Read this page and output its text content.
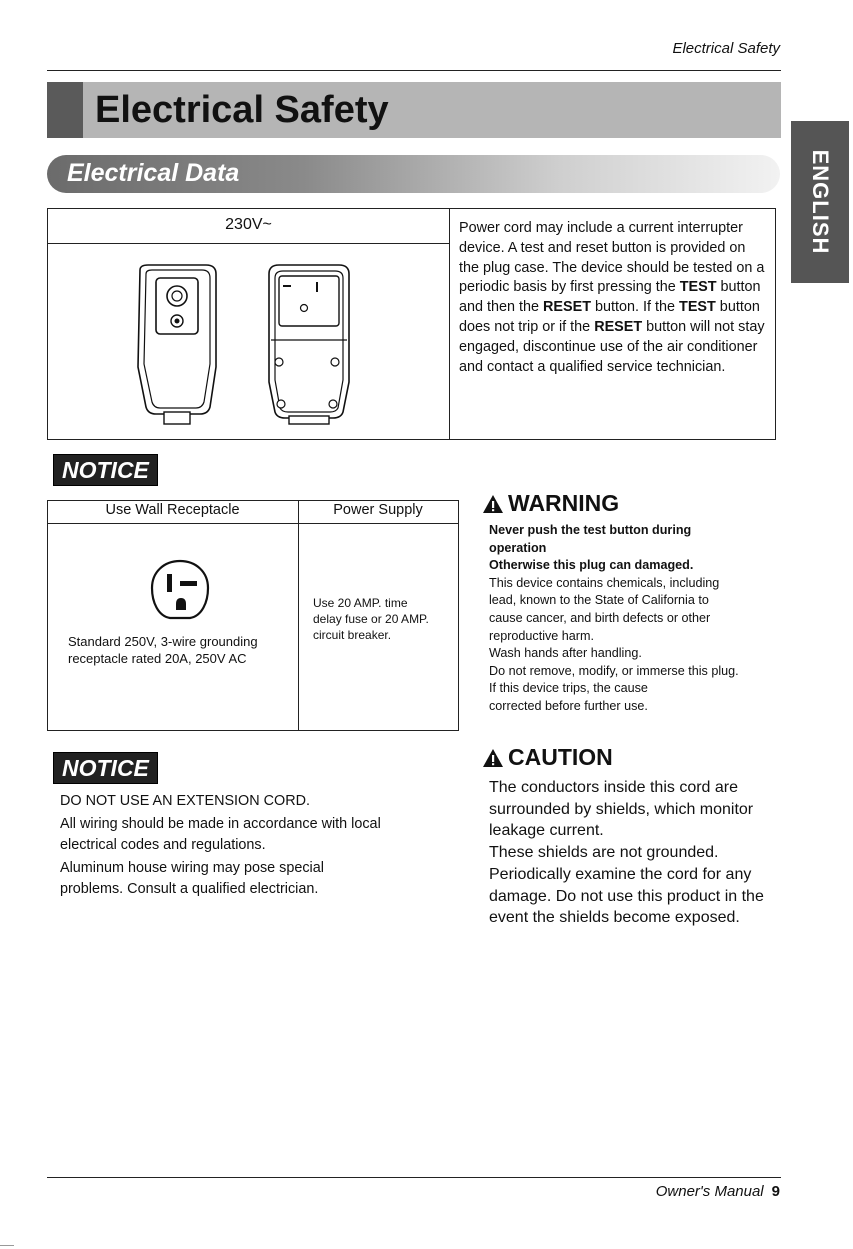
Electrical Safety
Electrical Safety
ENGLISH
Electrical Data
230V~	Power cord may include a current interrupter device. A test and reset button is provided on the plug case. The device should be tested on a periodic basis by first pressing the TEST button and then the RESET button. If the TEST button does not trip or if the RESET button will not stay engaged, discontinue use of the air conditioner and contact a qualified service technician.
NOTICE
Use Wall Receptacle	Power Supply
Standard 250V, 3-wire grounding
receptacle rated 20A, 250V AC
Use 20 AMP. time
delay fuse or 20 AMP.
circuit breaker.
WARNING
Never push the test button during
operation
Otherwise this plug can damaged.
This device contains chemicals, including
lead, known to the State of California to
cause cancer, and birth defects or other
reproductive harm.
Wash hands after handling.
Do not remove, modify, or immerse this plug.
If this device trips, the cause
corrected before further use.
NOTICE

DO NOT USE AN EXTENSION CORD.

All wiring should be made in accordance with local

electrical codes and regulations.

Aluminum house wiring may pose special

problems. Consult a qualified electrician.

CAUTION
The conductors inside this cord are
surrounded by shields, which monitor
leakage current.
These shields are not grounded.
Periodically examine the cord for any
damage. Do not use this product in the
event the shields become exposed.
Owner's Manual 9
